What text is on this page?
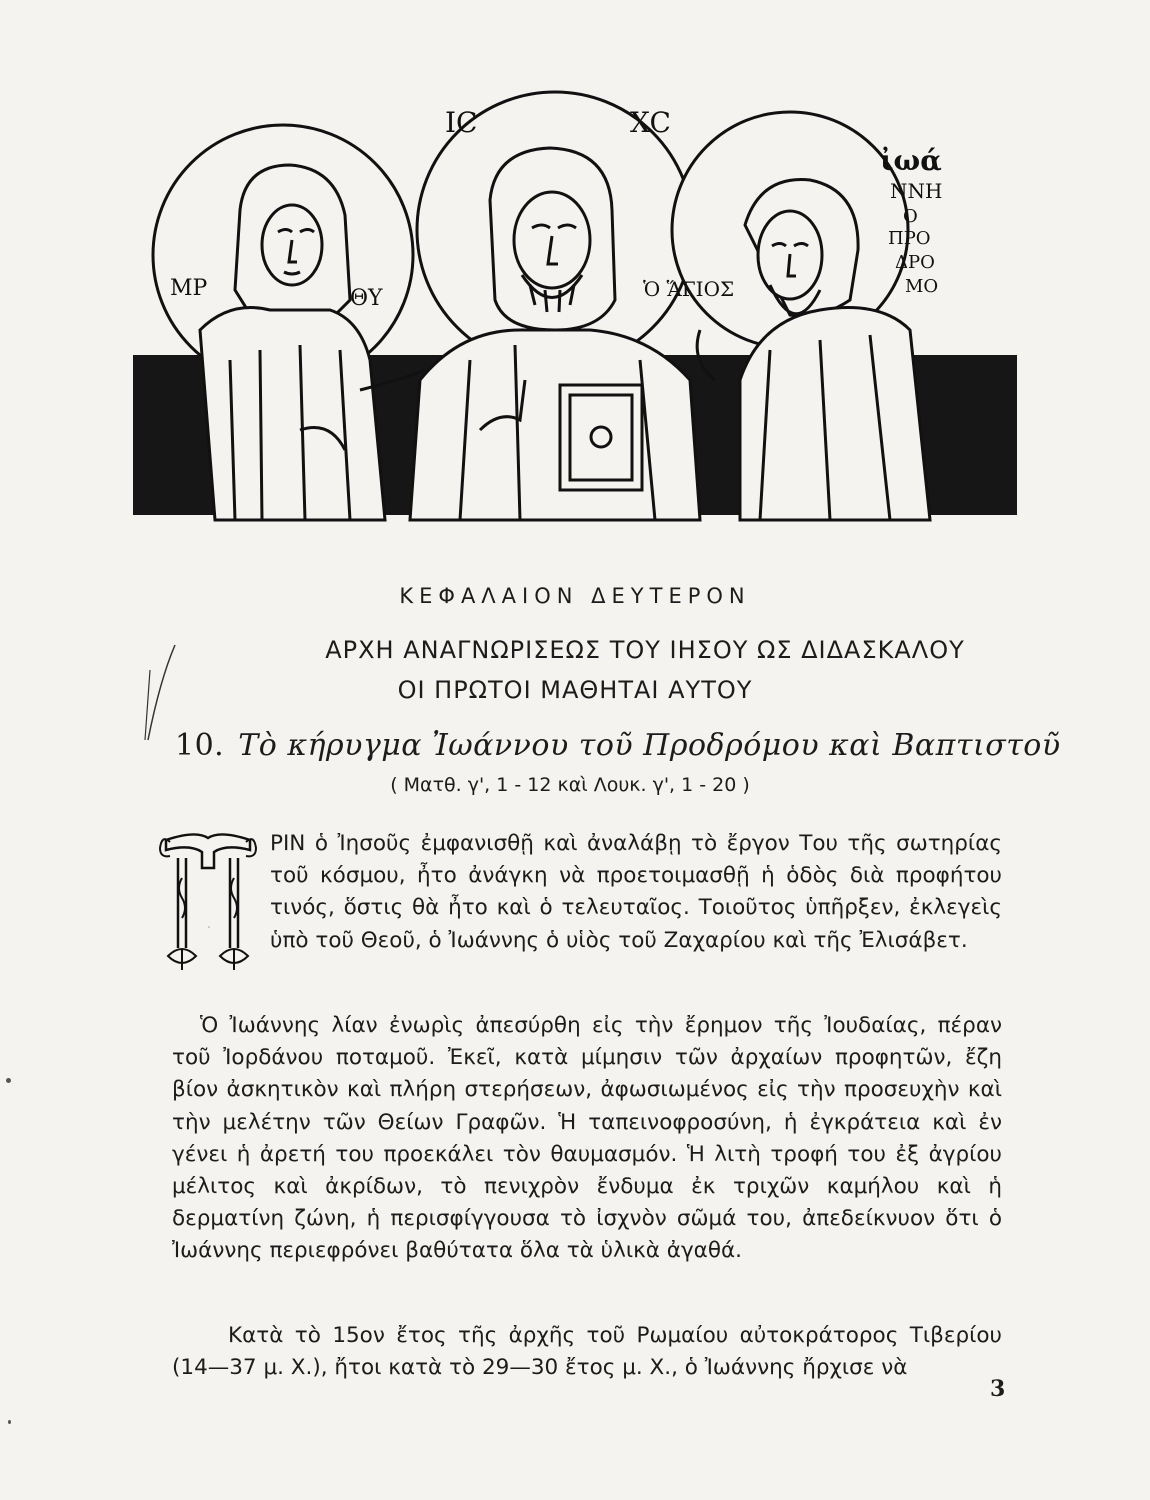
ΜΡ	ΘΥ
ΙC	XC
Ὁ ἍΓΙΟΣ
ἰωά
ΝΝΗ
Ο
ΠΡΟ
ΔΡΟ
ΜΟ
ΚΕΦΑΛΑΙΟΝ ΔΕΥΤΕΡΟΝ
ΑΡΧΗ ΑΝΑΓΝΩΡΙΣΕΩΣ ΤΟΥ ΙΗΣΟΥ ΩΣ ΔΙΔΑΣΚΑΛΟΥ
ΟΙ ΠΡΩΤΟΙ ΜΑΘΗΤΑΙ ΑΥΤΟΥ
10. Τὸ κήρυγμα Ἰωάννου τοῦ Προδρόμου καὶ Βαπτιστοῦ
( Ματθ. γ', 1 - 12 καὶ Λουκ. γ', 1 - 20 )
Π
ΡΙΝ ὁ Ἰησοῦς ἐμφανισθῇ καὶ ἀναλάβῃ τὸ ἔργον Του τῆς σωτηρίας τοῦ κόσμου, ἦτο ἀνάγκη νὰ προετοιμασθῇ ἡ ὁδὸς διὰ προφήτου τινός, ὅστις θὰ ἦτο καὶ ὁ τελευταῖος. Τοιοῦτος ὑπῆρξεν, ἐκλεγεὶς ὑπὸ τοῦ Θεοῦ, ὁ Ἰωάννης ὁ υἱὸς τοῦ Ζαχαρίου καὶ τῆς Ἐλισάβετ.
Ὁ Ἰωάννης λίαν ἐνωρὶς ἀπεσύρθη εἰς τὴν ἔρημον τῆς Ἰουδαίας, πέραν τοῦ Ἰορδάνου ποταμοῦ. Ἐκεῖ, κατὰ μίμησιν τῶν ἀρχαίων προφητῶν, ἔζη βίον ἀσκητικὸν καὶ πλήρη στερήσεων, ἀφωσιωμένος εἰς τὴν προσευχὴν καὶ τὴν μελέτην τῶν Θείων Γραφῶν. Ἡ ταπεινοφροσύνη, ἡ ἐγκράτεια καὶ ἐν γένει ἡ ἀρετή του προεκάλει τὸν θαυμασμόν. Ἡ λιτὴ τροφή του ἐξ ἀγρίου μέλιτος καὶ ἀκρίδων, τὸ πενιχρὸν ἔνδυμα ἐκ τριχῶν καμήλου καὶ ἡ δερματίνη ζώνη, ἡ περισφίγγουσα τὸ ἰσχνὸν σῶμά του, ἀπεδείκνυον ὅτι ὁ Ἰωάννης περιεφρόνει βαθύτατα ὅλα τὰ ὑλικὰ ἀγαθά.
Κατὰ τὸ 15ον ἔτος τῆς ἀρχῆς τοῦ Ρωμαίου αὐτοκράτορος Τιβερίου (14—37 μ. Χ.), ἤτοι κατὰ τὸ 29—30 ἔτος μ. Χ., ὁ Ἰωάννης ἤρχισε νὰ
3
